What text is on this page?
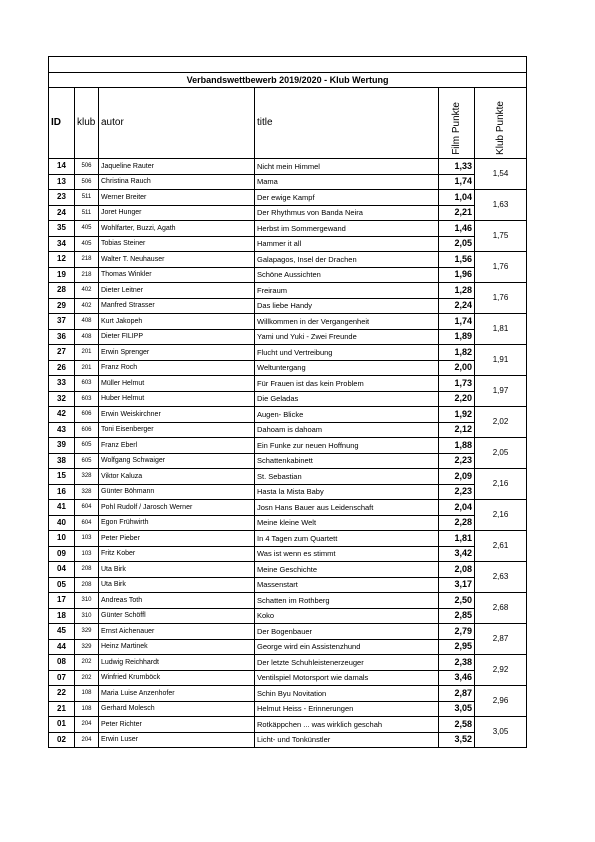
Verbandswettbewerb 2019/2020 - Klub Wertung					
ID	klub	autor	title	Film Punkte	Klub Punkte
14	506	Jaqueline Rauter	Nicht mein Himmel	1,33	1,54
13	506	Christina Rauch	Mama	1,74	
23	511	Werner Breiter	Der ewige Kampf	1,04	1,63
24	511	Joret Hunger	Der Rhythmus von Banda Neira	2,21	
35	405	Wohlfarter, Buzzi, Agath	Herbst im Sommergewand	1,46	1,75
34	405	Tobias Steiner	Hammer it all	2,05	
12	218	Walter T. Neuhauser	Galapagos, Insel der Drachen	1,56	1,76
19	218	Thomas Winkler	Schöne Aussichten	1,96	
28	402	Dieter Leitner	Freiraum	1,28	1,76
29	402	Manfred Strasser	Das liebe Handy	2,24	
37	408	Kurt Jakopeh	Willkommen in der Vergangenheit	1,74	1,81
36	408	Dieter FILIPP	Yami und Yuki - Zwei Freunde	1,89	
27	201	Erwin Sprenger	Flucht und Vertreibung	1,82	1,91
26	201	Franz Roch	Weltuntergang	2,00	
33	603	Müller Helmut	Für Frauen ist das kein Problem	1,73	1,97
32	603	Huber Helmut	Die Geladas	2,20	
42	606	Erwin Weiskirchner	Augen- Blicke	1,92	2,02
43	606	Toni Eisenberger	Dahoam is dahoam	2,12	
39	605	Franz Eberl	Ein Funke zur neuen Hoffnung	1,88	2,05
38	605	Wolfgang Schwaiger	Schattenkabinett	2,23	
15	328	Viktor Kaluza	St. Sebastian	2,09	2,16
16	328	Günter Böhmann	Hasta la Mista Baby	2,23	
41	604	Pohl Rudolf / Jarosch Werner	Josn Hans Bauer aus Leidenschaft	2,04	2,16
40	604	Egon Frühwirth	Meine kleine Welt	2,28	
10	103	Peter Pieber	In 4 Tagen zum Quartett	1,81	2,61
09	103	Fritz Kober	Was ist wenn es stimmt	3,42	
04	208	Uta Birk	Meine Geschichte	2,08	2,63
05	208	Uta Birk	Massenstart	3,17	
17	310	Andreas Toth	Schatten im Rothberg	2,50	2,68
18	310	Günter Schöffl	Koko	2,85	
45	329	Ernst Aichenauer	Der Bogenbauer	2,79	2,87
44	329	Heinz Martinek	George wird ein Assistenzhund	2,95	
08	202	Ludwig Reichhardt	Der letzte Schuhleistenerzeuger	2,38	2,92
07	202	Winfried Krumböck	Ventilspiel Motorsport wie damals	3,46	
22	108	Maria Luise Anzenhofer	Schin Byu Novitation	2,87	2,96
21	108	Gerhard Molesch	Helmut Heiss - Erinnerungen	3,05	
01	204	Peter Richter	Rotkäppchen ... was wirklich geschah	2,58	3,05
02	204	Erwin Luser	Licht- und Tonkünstler	3,52	
